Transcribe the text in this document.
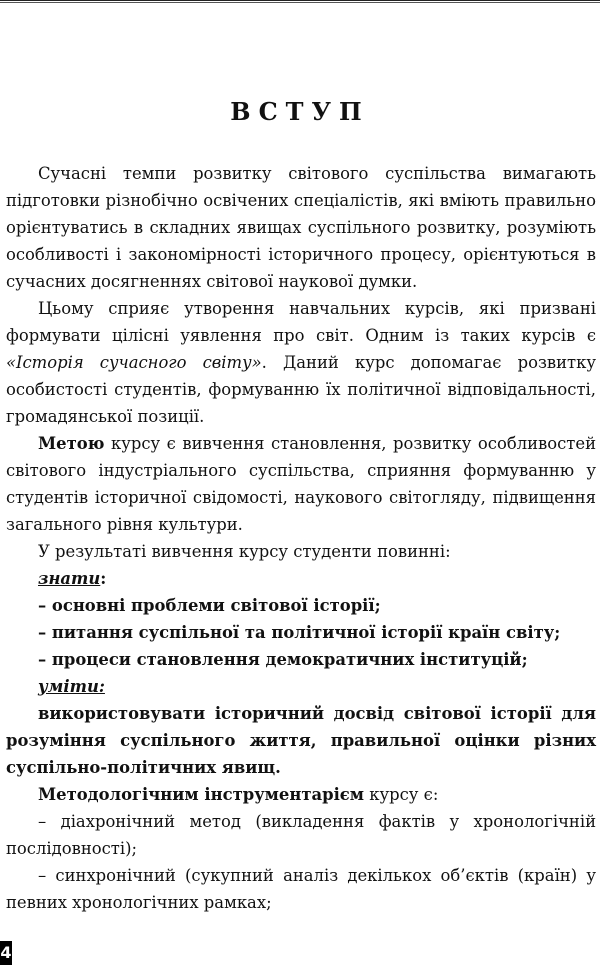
ВСТУП

Сучасні темпи розвитку світового суспільства вимагають підготовки різнобічно освічених спеціалістів, які вміють правильно орієнтуватись в складних явищах суспільного розвитку, розуміють особливості і закономірності історичного процесу, орієнтуються в сучасних досягненнях світової наукової думки.

Цьому сприяє утворення навчальних курсів, які призвані формувати цілісні уявлення про світ. Одним із таких курсів є «Історія сучасного світу». Даний курс допомагає розвитку особистості студентів, формуванню їх політичної відповідальності, громадянської позиції.

Метою курсу є вивчення становлення, розвитку особливостей світового індустріального суспільства, сприяння формуванню у студентів історичної свідомості, наукового світогляду, підвищення загального рівня культури.

У результаті вивчення курсу студенти повинні:

знати:

– основні проблеми світової історії;

– питання суспільної та політичної історії країн світу;

– процеси становлення демократичних інституцій;

уміти:

використовувати історичний досвід світової історії для розуміння суспільного життя, правильної оцінки різних суспільно-політичних явищ.

Методологічним інструментарієм курсу є:

– діахронічний метод (викладення фактів у хронологічній послідовності);

– синхронічний (сукупний аналіз декількох об’єктів (країн) у певних хронологічних рамках;

4
